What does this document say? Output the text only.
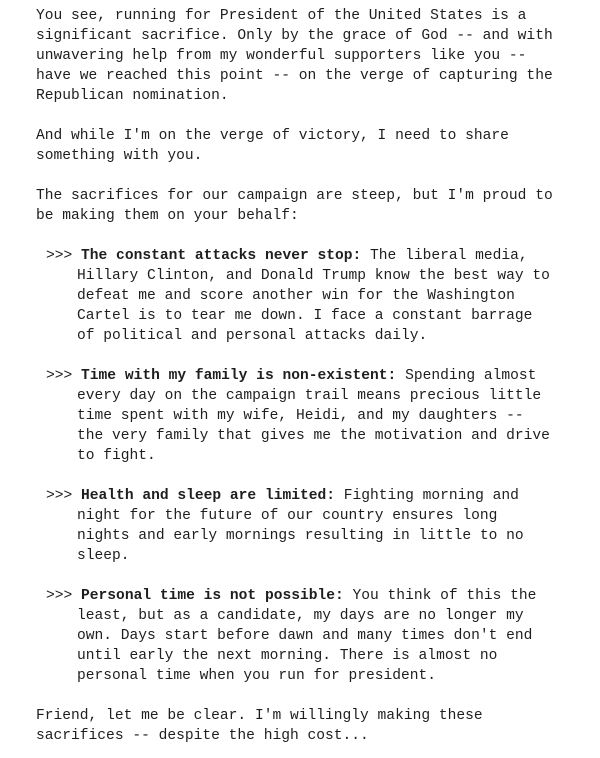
You see, running for President of the United States is a
significant sacrifice. Only by the grace of God -- and with
unwavering help from my wonderful supporters like you --
have we reached this point -- on the verge of capturing the
Republican nomination.
And while I'm on the verge of victory, I need to share
something with you.
The sacrifices for our campaign are steep, but I'm proud to
be making them on your behalf:
>>> The constant attacks never stop: The liberal media,
Hillary Clinton, and Donald Trump know the best way to
defeat me and score another win for the Washington
Cartel is to tear me down. I face a constant barrage
of political and personal attacks daily.
>>> Time with my family is non-existent: Spending almost
every day on the campaign trail means precious little
time spent with my wife, Heidi, and my daughters --
the very family that gives me the motivation and drive
to fight.
>>> Health and sleep are limited: Fighting morning and
night for the future of our country ensures long
nights and early mornings resulting in little to no
sleep.
>>> Personal time is not possible: You think of this the
least, but as a candidate, my days are no longer my
own. Days start before dawn and many times don't end
until early the next morning. There is almost no
personal time when you run for president.
Friend, let me be clear. I'm willingly making these
sacrifices -- despite the high cost...
